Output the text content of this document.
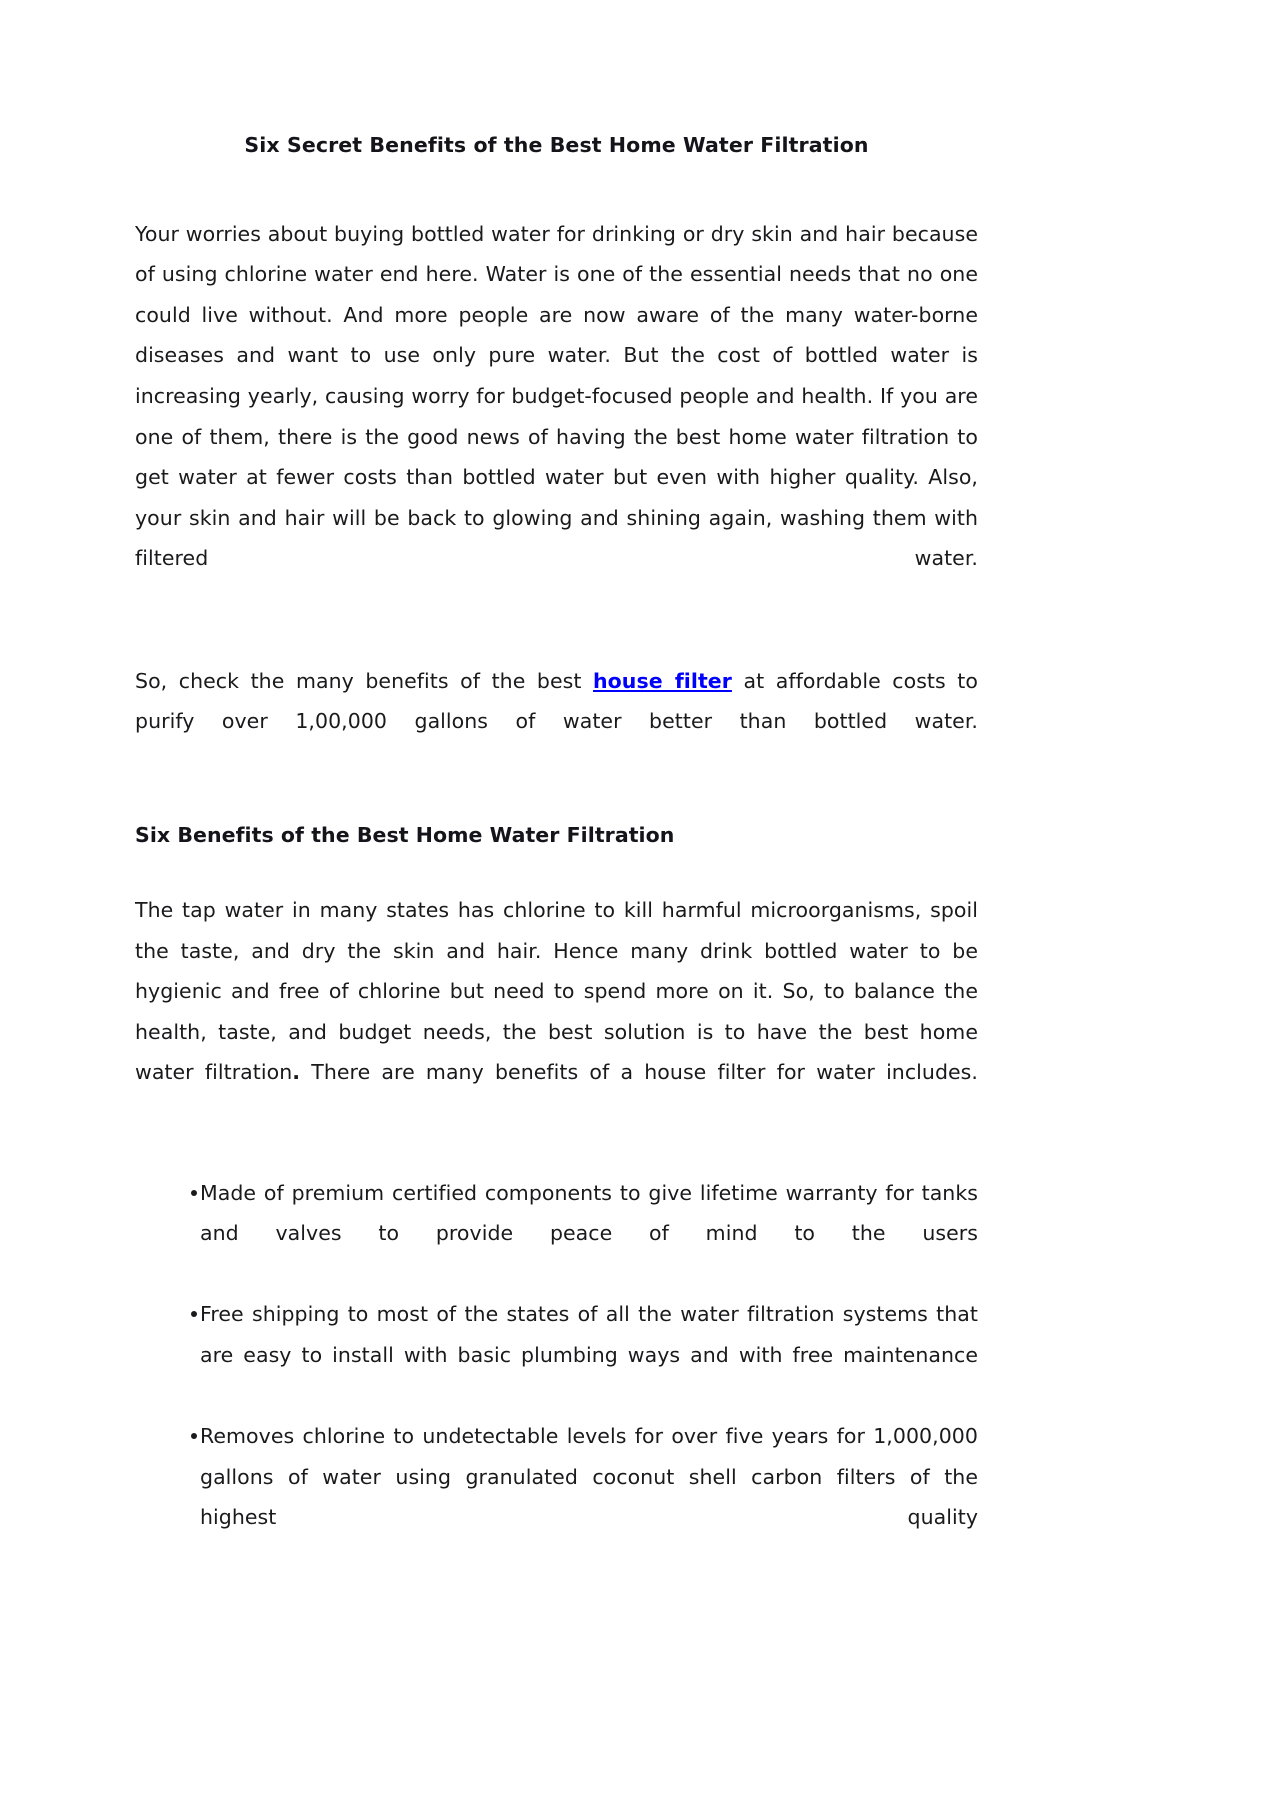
Six Secret Benefits of the Best Home Water Filtration

Your worries about buying bottled water for drinking or dry skin and hair because of using chlorine water end here. Water is one of the essential needs that no one could live without. And more people are now aware of the many water-borne diseases and want to use only pure water. But the cost of bottled water is increasing yearly, causing worry for budget-focused people and health. If you are one of them, there is the good news of having the best home water filtration to get water at fewer costs than bottled water but even with higher quality. Also, your skin and hair will be back to glowing and shining again, washing them with filtered water.

So, check the many benefits of the best house filter at affordable costs to purify over 1,00,000 gallons of water better than bottled water.

Six Benefits of the Best Home Water Filtration

The tap water in many states has chlorine to kill harmful microorganisms, spoil the taste, and dry the skin and hair. Hence many drink bottled water to be hygienic and free of chlorine but need to spend more on it. So, to balance the health, taste, and budget needs, the best solution is to have the best home water filtration. There are many benefits of a house filter for water includes.

Made of premium certified components to give lifetime warranty for tanks and valves to provide peace of mind to the users
Free shipping to most of the states of all the water filtration systems that are easy to install with basic plumbing ways and with free maintenance
Removes chlorine to undetectable levels for over five years for 1,000,000 gallons of water using granulated coconut shell carbon filters of the highest quality
